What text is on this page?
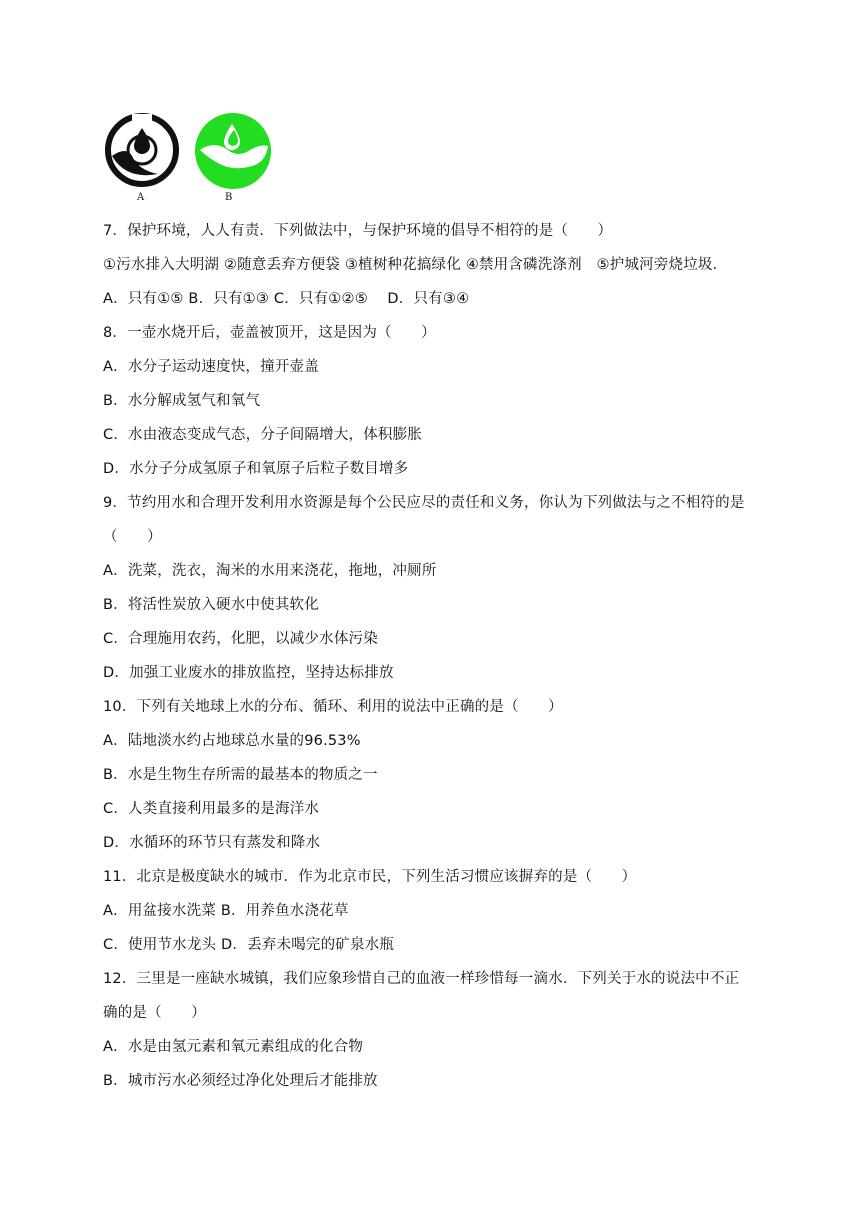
A	B
7．保护环境，人人有责．下列做法中，与保护环境的倡导不相符的是（　　）
①污水排入大明湖 ②随意丢弃方便袋 ③植树种花搞绿化 ④禁用含磷洗涤剂　⑤护城河旁烧垃圾．
A．只有①⑤ B．只有①③ C．只有①②⑤　 D．只有③④
8．一壶水烧开后，壶盖被顶开，这是因为（　　）
A．水分子运动速度快，撞开壶盖
B．水分解成氢气和氧气
C．水由液态变成气态，分子间隔增大，体积膨胀
D．水分子分成氢原子和氧原子后粒子数目增多
9．节约用水和合理开发利用水资源是每个公民应尽的责任和义务，你认为下列做法与之不相符的是
（　　）
A．洗菜，洗衣，淘米的水用来浇花，拖地，冲厕所
B．将活性炭放入硬水中使其软化
C．合理施用农药，化肥，以减少水体污染
D．加强工业废水的排放监控，坚持达标排放
10．下列有关地球上水的分布、循环、利用的说法中正确的是（　　）
A．陆地淡水约占地球总水量的96.53%
B．水是生物生存所需的最基本的物质之一
C．人类直接利用最多的是海洋水
D．水循环的环节只有蒸发和降水
11．北京是极度缺水的城市．作为北京市民，下列生活习惯应该摒弃的是（　　）
A．用盆接水洗菜 B．用养鱼水浇花草
C．使用节水龙头 D．丢弃未喝完的矿泉水瓶
12．三里是一座缺水城镇，我们应象珍惜自己的血液一样珍惜每一滴水．下列关于水的说法中不正
确的是（　　）
A．水是由氢元素和氧元素组成的化合物
B．城市污水必须经过净化处理后才能排放
